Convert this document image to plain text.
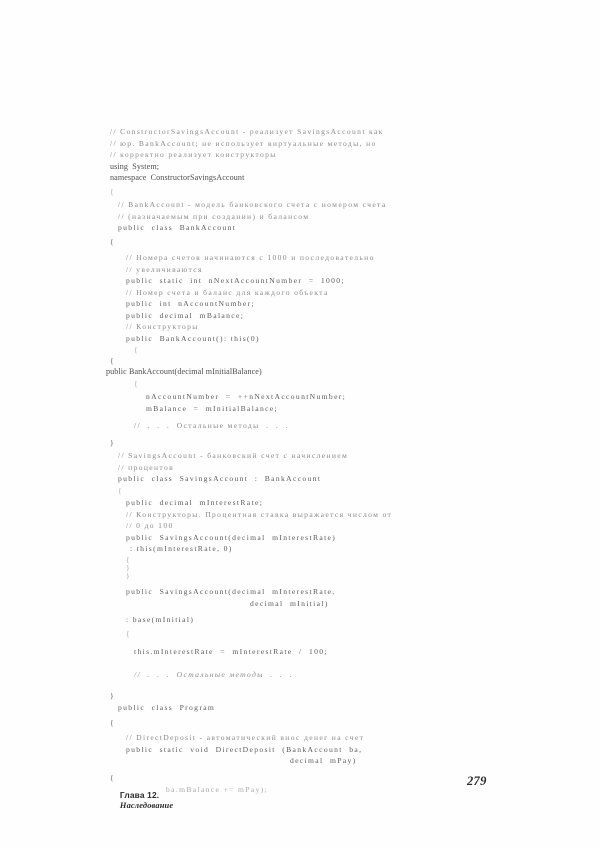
// ConstructorSavingsAccount - реализует SavingsAccount как
// юр. BankAccount; не использует виртуальные методы, но
// корректно реализует конструкторы
using  System;
namespace  ConstructorSavingsAccount
{
// BankAccount - модель банковского счета с номером счета
// (назначаемым при создании) и балансом
public  class  BankAccount
{
// Номера счетов начинаются с 1000 и последовательно
// увеличиваются
public  static  int  nNextAccountNumber  =  1000;
// Номер счета и баланс для каждого объекта
public  int  nAccountNumber;
public  decimal  mBalance;
// Конструкторы
public  BankAccount(): this(0)
{
{
public BankAccount(decimal mInitialBalance)
{
nAccountNumber  =  ++nNextAccountNumber;
mBalance  =  mInitialBalance;
//  .  .  .  Остальные методы  .  .  .
}
// SavingsAccount - банковский счет с начислением
// процентов
public  class  SavingsAccount  :  BankAccount
{
public  decimal  mInterestRate;
// Конструкторы. Процентная ставка выражается числом от
// 0 до 100
public  SavingsAccount(decimal  mInterestRate)
: this(mInterestRate, 0)
{
}
}
public  SavingsAccount(decimal  mInterestRate,
decimal  mInitial)
: base(mInitial)
{
this.mInterestRate  =  mInterestRate  /  100;
//  .  .  .  Остальные методы  .  .  .
}
public  class  Program
{
// DirectDeposit - автоматический внос денег на счет
public  static  void  DirectDeposit  (BankAccount  ba,
decimal  mPay)
{
ba.mBalance += mPay);

Глава 12.
Наследование

279
